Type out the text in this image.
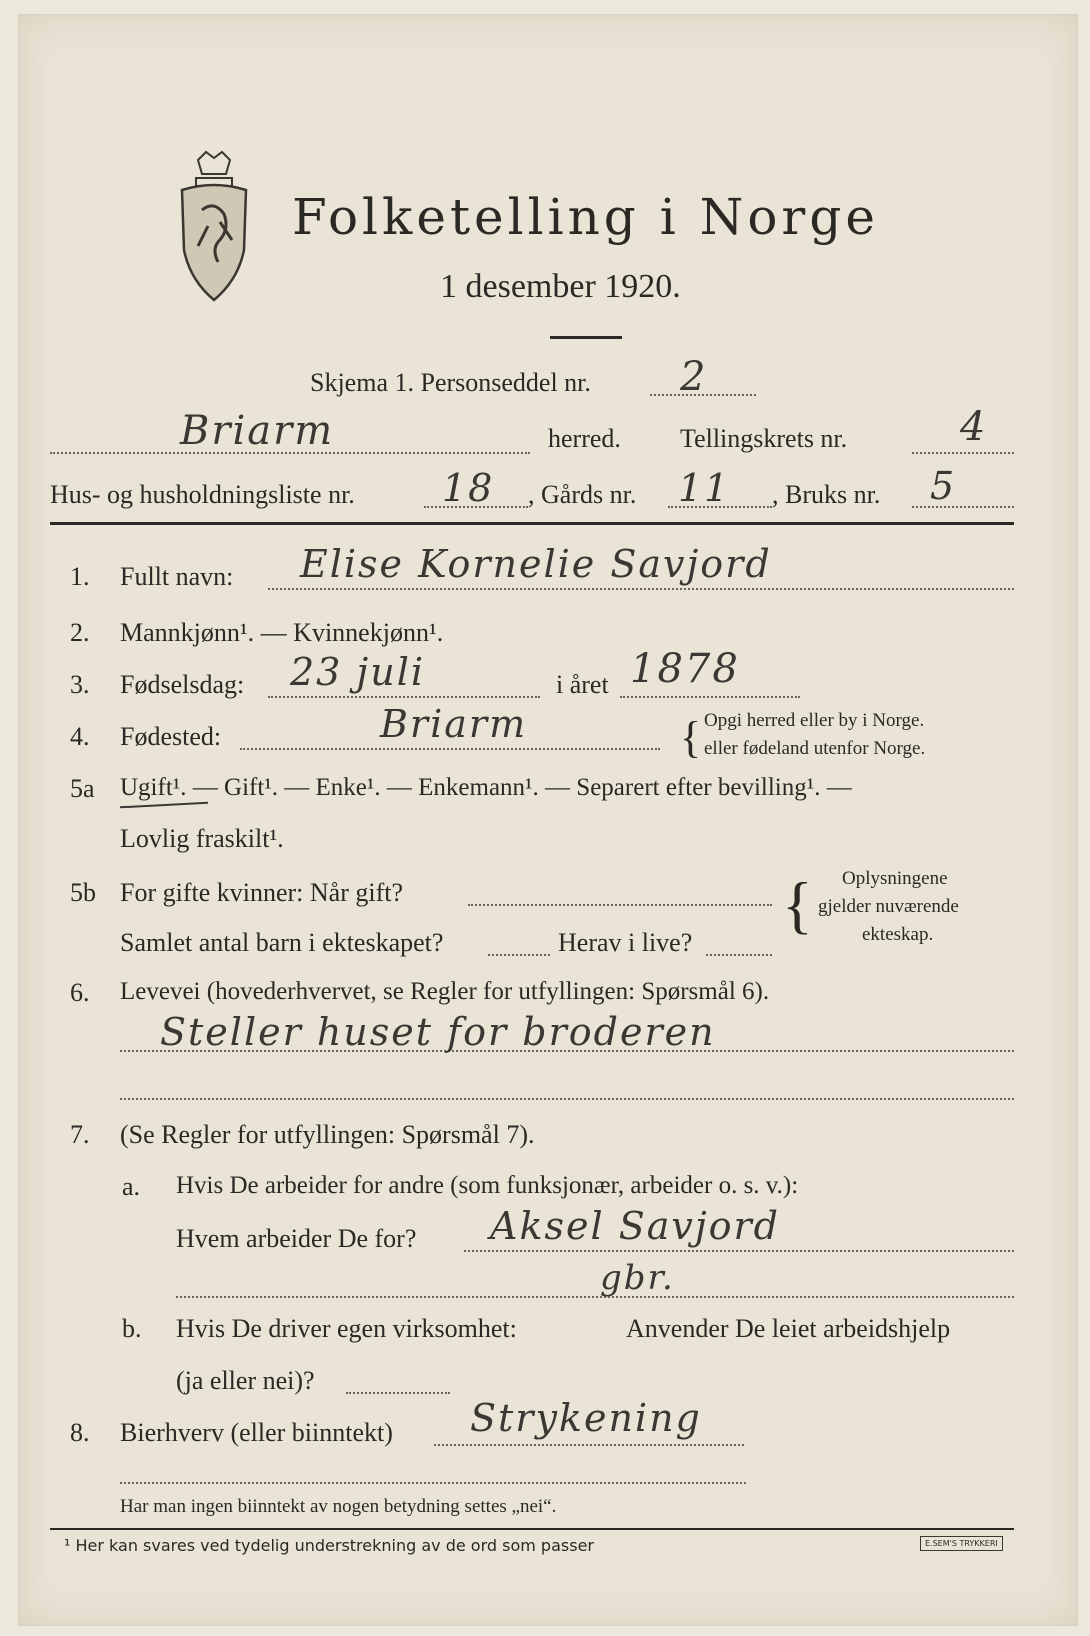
Folketelling i Norge
1 desember 1920.
Skjema 1. Personseddel nr. 2
Briarm	herred. Tellingskrets nr.	4
Hus- og husholdningsliste nr. 18 , Gårds nr. 11 , Bruks nr. 5
1. Fullt navn: Elise Kornelie Savjord
2. Mannkjønn¹. — Kvinnekjønn¹.
3. Fødselsdag: 23 juli	i året 1878
4. Fødested:	Briarm	{ Opgi herred eller by i Norge.
eller fødeland utenfor Norge.
5a Ugift¹. — Gift¹. — Enke¹. — Enkemann¹. — Separert efter bevilling¹. —
Lovlig fraskilt¹.
5b For gifte kvinner: Når gift?
Samlet antal barn i ekteskapet?	Herav i live?
{ Oplysningene
gjelder nuværende
ekteskap.
6. Levevei (hovederhvervet, se Regler for utfyllingen: Spørsmål 6).
Steller huset for broderen
7. (Se Regler for utfyllingen: Spørsmål 7).
a. Hvis De arbeider for andre (som funksjonær, arbeider o. s. v.):
Hvem arbeider De for? Aksel Savjord
gbr.
b. Hvis De driver egen virksomhet:	Anvender De leiet arbeidshjelp
(ja eller nei)?
8. Bierhverv (eller biinntekt) Strykening
Har man ingen biinntekt av nogen betydning settes „nei“.
¹ Her kan svares ved tydelig understrekning av de ord som passer	E.SEM'S TRYKKERI
